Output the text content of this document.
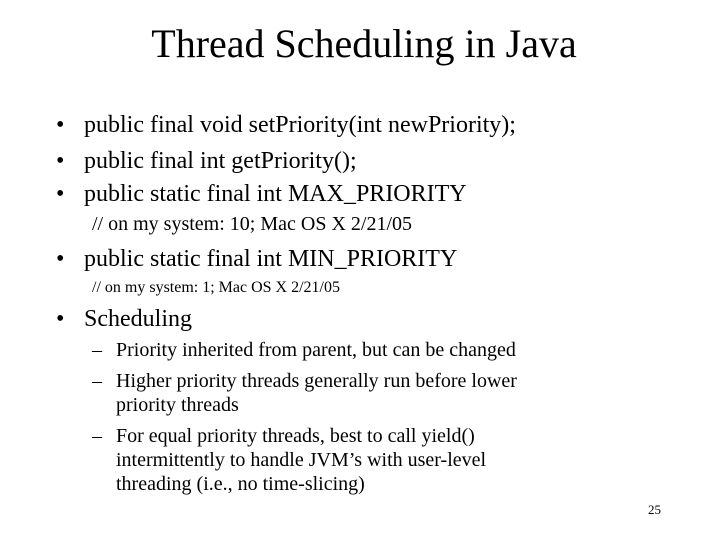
Thread Scheduling in Java
• public final void setPriority(int newPriority);
• public final int getPriority();
• public static final int MAX_PRIORITY
// on my system: 10; Mac OS X 2/21/05
• public static final int MIN_PRIORITY
// on my system: 1; Mac OS X 2/21/05
• Scheduling
– Priority inherited from parent, but can be changed
– Higher priority threads generally run before lower
priority threads
– For equal priority threads, best to call yield()
intermittently to handle JVM’s with user-level
threading (i.e., no time-slicing)
25
